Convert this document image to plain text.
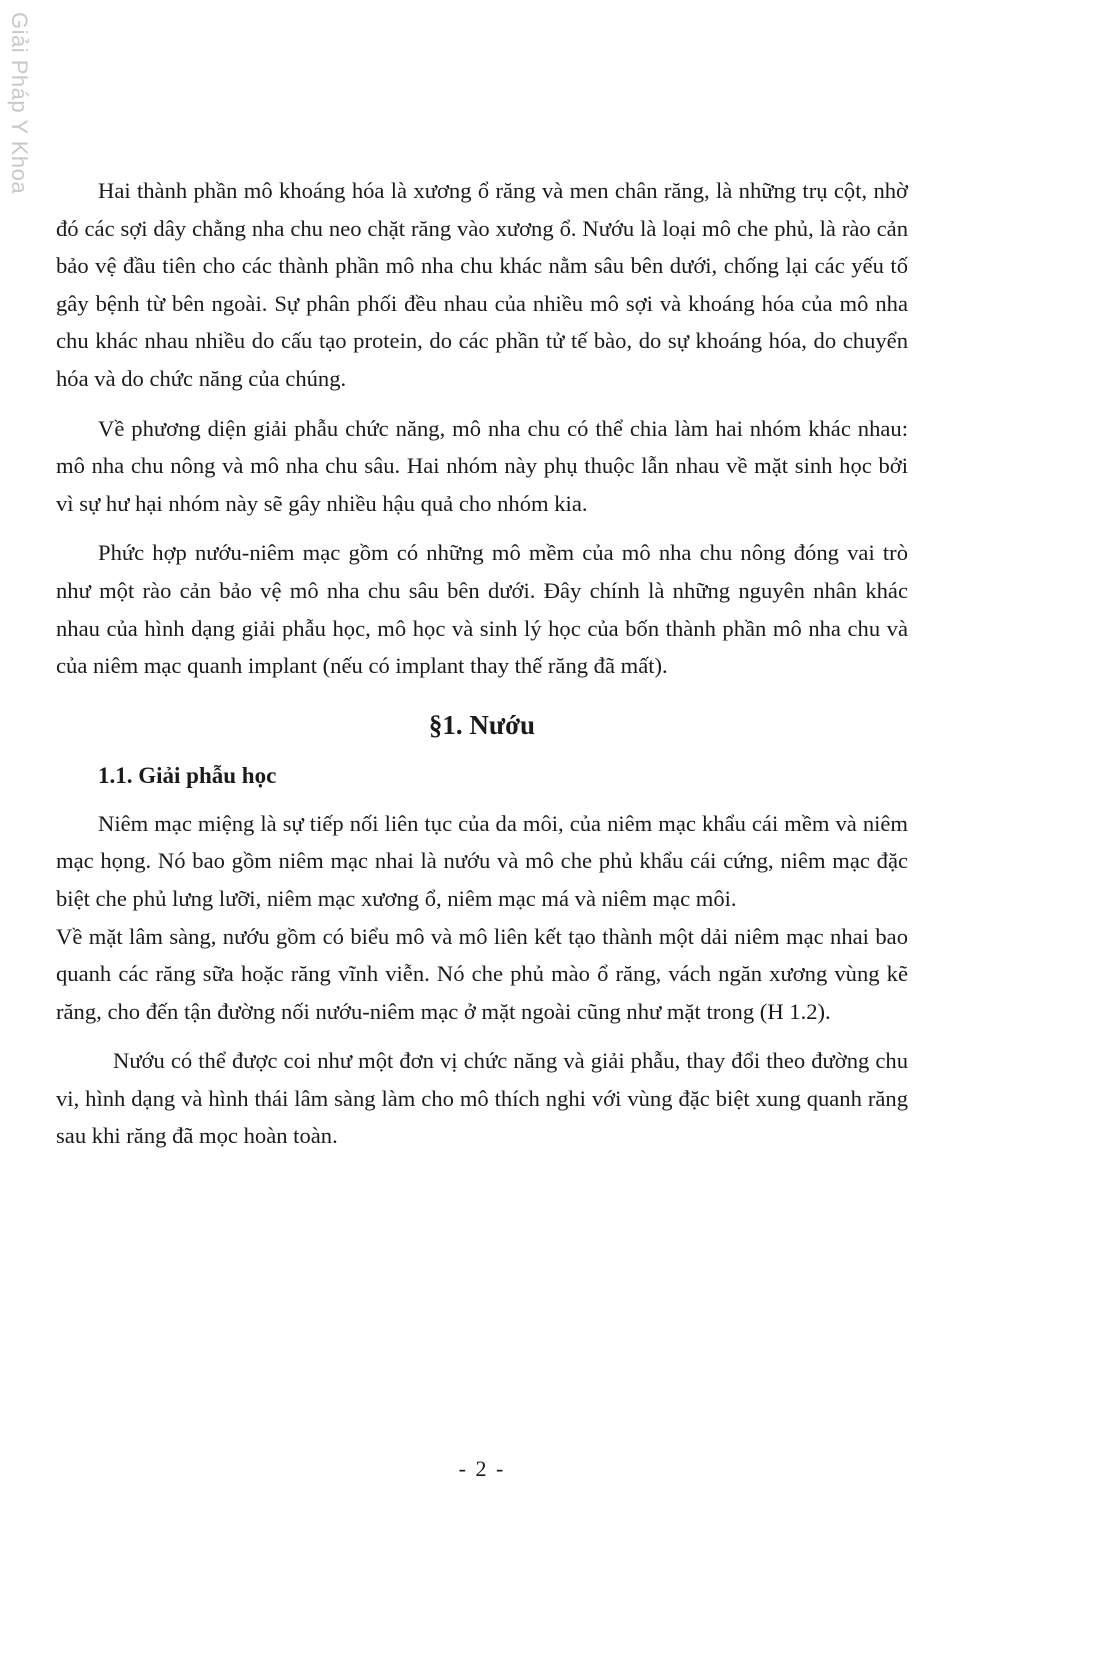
Giải Pháp Y Khoa	Hai thành phần mô khoáng hóa là xương ổ răng và men chân răng, là những trụ cột, nhờ đó các sợi dây chằng nha chu neo chặt răng vào xương ổ. Nướu là loại mô che phủ, là rào cản bảo vệ đầu tiên cho các thành phần mô nha chu khác nằm sâu bên dưới, chống lại các yếu tố gây bệnh từ bên ngoài. Sự phân phối đều nhau của nhiều mô sợi và khoáng hóa của mô nha chu khác nhau nhiều do cấu tạo protein, do các phần tử tế bào, do sự khoáng hóa, do chuyển hóa và do chức năng của chúng.

Về phương diện giải phẫu chức năng, mô nha chu có thể chia làm hai nhóm khác nhau: mô nha chu nông và mô nha chu sâu. Hai nhóm này phụ thuộc lẫn nhau về mặt sinh học bởi vì sự hư hại nhóm này sẽ gây nhiều hậu quả cho nhóm kia.

Phức hợp nướu-niêm mạc gồm có những mô mềm của mô nha chu nông đóng vai trò như một rào cản bảo vệ mô nha chu sâu bên dưới. Đây chính là những nguyên nhân khác nhau của hình dạng giải phẫu học, mô học và sinh lý học của bốn thành phần mô nha chu và của niêm mạc quanh implant (nếu có implant thay thế răng đã mất).

§1. Nướu
1.1. Giải phẫu học

Niêm mạc miệng là sự tiếp nối liên tục của da môi, của niêm mạc khẩu cái mềm và niêm mạc họng. Nó bao gồm niêm mạc nhai là nướu và mô che phủ khẩu cái cứng, niêm mạc đặc biệt che phủ lưng lưỡi, niêm mạc xương ổ, niêm mạc má và niêm mạc môi.

Về mặt lâm sàng, nướu gồm có biểu mô và mô liên kết tạo thành một dải niêm mạc nhai bao quanh các răng sữa hoặc răng vĩnh viễn. Nó che phủ mào ổ răng, vách ngăn xương vùng kẽ răng, cho đến tận đường nối nướu-niêm mạc ở mặt ngoài cũng như mặt trong (H 1.2).

Nướu có thể được coi như một đơn vị chức năng và giải phẫu, thay đổi theo đường chu vi, hình dạng và hình thái lâm sàng làm cho mô thích nghi với vùng đặc biệt xung quanh răng sau khi răng đã mọc hoàn toàn.

- 2 -
